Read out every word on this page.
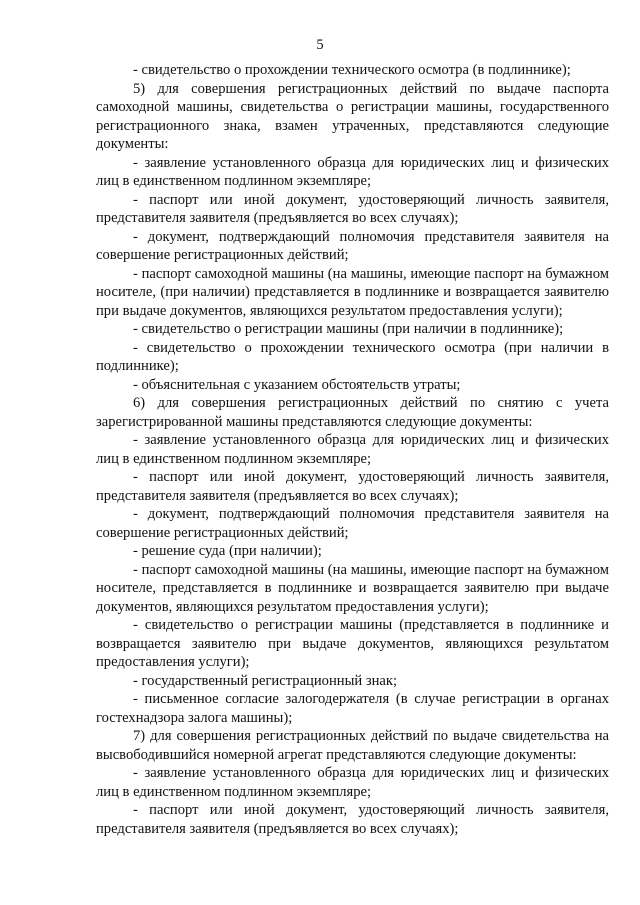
5

- свидетельство о прохождении технического осмотра (в подлиннике);

5) для совершения регистрационных действий по выдаче паспорта самоходной машины, свидетельства о регистрации машины, государственного регистрационного знака, взамен утраченных, представляются следующие документы:

- заявление установленного образца для юридических лиц и физических лиц в единственном подлинном экземпляре;

- паспорт или иной документ, удостоверяющий личность заявителя, представителя заявителя (предъявляется во всех случаях);

- документ, подтверждающий полномочия представителя заявителя на совершение регистрационных действий;

- паспорт самоходной машины (на машины, имеющие паспорт на бумажном носителе, (при наличии) представляется в подлиннике и возвращается заявителю при выдаче документов, являющихся результатом предоставления услуги);

- свидетельство о регистрации машины (при наличии в подлиннике);

- свидетельство о прохождении технического осмотра (при наличии в подлиннике);

- объяснительная с указанием обстоятельств утраты;

6) для совершения регистрационных действий по снятию с учета зарегистрированной машины представляются следующие документы:

- заявление установленного образца для юридических лиц и физических лиц в единственном подлинном экземпляре;

- паспорт или иной документ, удостоверяющий личность заявителя, представителя заявителя (предъявляется во всех случаях);

- документ, подтверждающий полномочия представителя заявителя на совершение регистрационных действий;

- решение суда (при наличии);

- паспорт самоходной машины (на машины, имеющие паспорт на бумажном носителе, представляется в подлиннике и возвращается заявителю при выдаче документов, являющихся результатом предоставления услуги);

- свидетельство о регистрации машины (представляется в подлиннике и возвращается заявителю при выдаче документов, являющихся результатом предоставления услуги);

- государственный регистрационный знак;

- письменное согласие залогодержателя (в случае регистрации в органах гостехнадзора залога машины);

7) для совершения регистрационных действий по выдаче свидетельства на высвободившийся номерной агрегат представляются следующие документы:

- заявление установленного образца для юридических лиц и физических лиц в единственном подлинном экземпляре;

- паспорт или иной документ, удостоверяющий личность заявителя, представителя заявителя (предъявляется во всех случаях);
